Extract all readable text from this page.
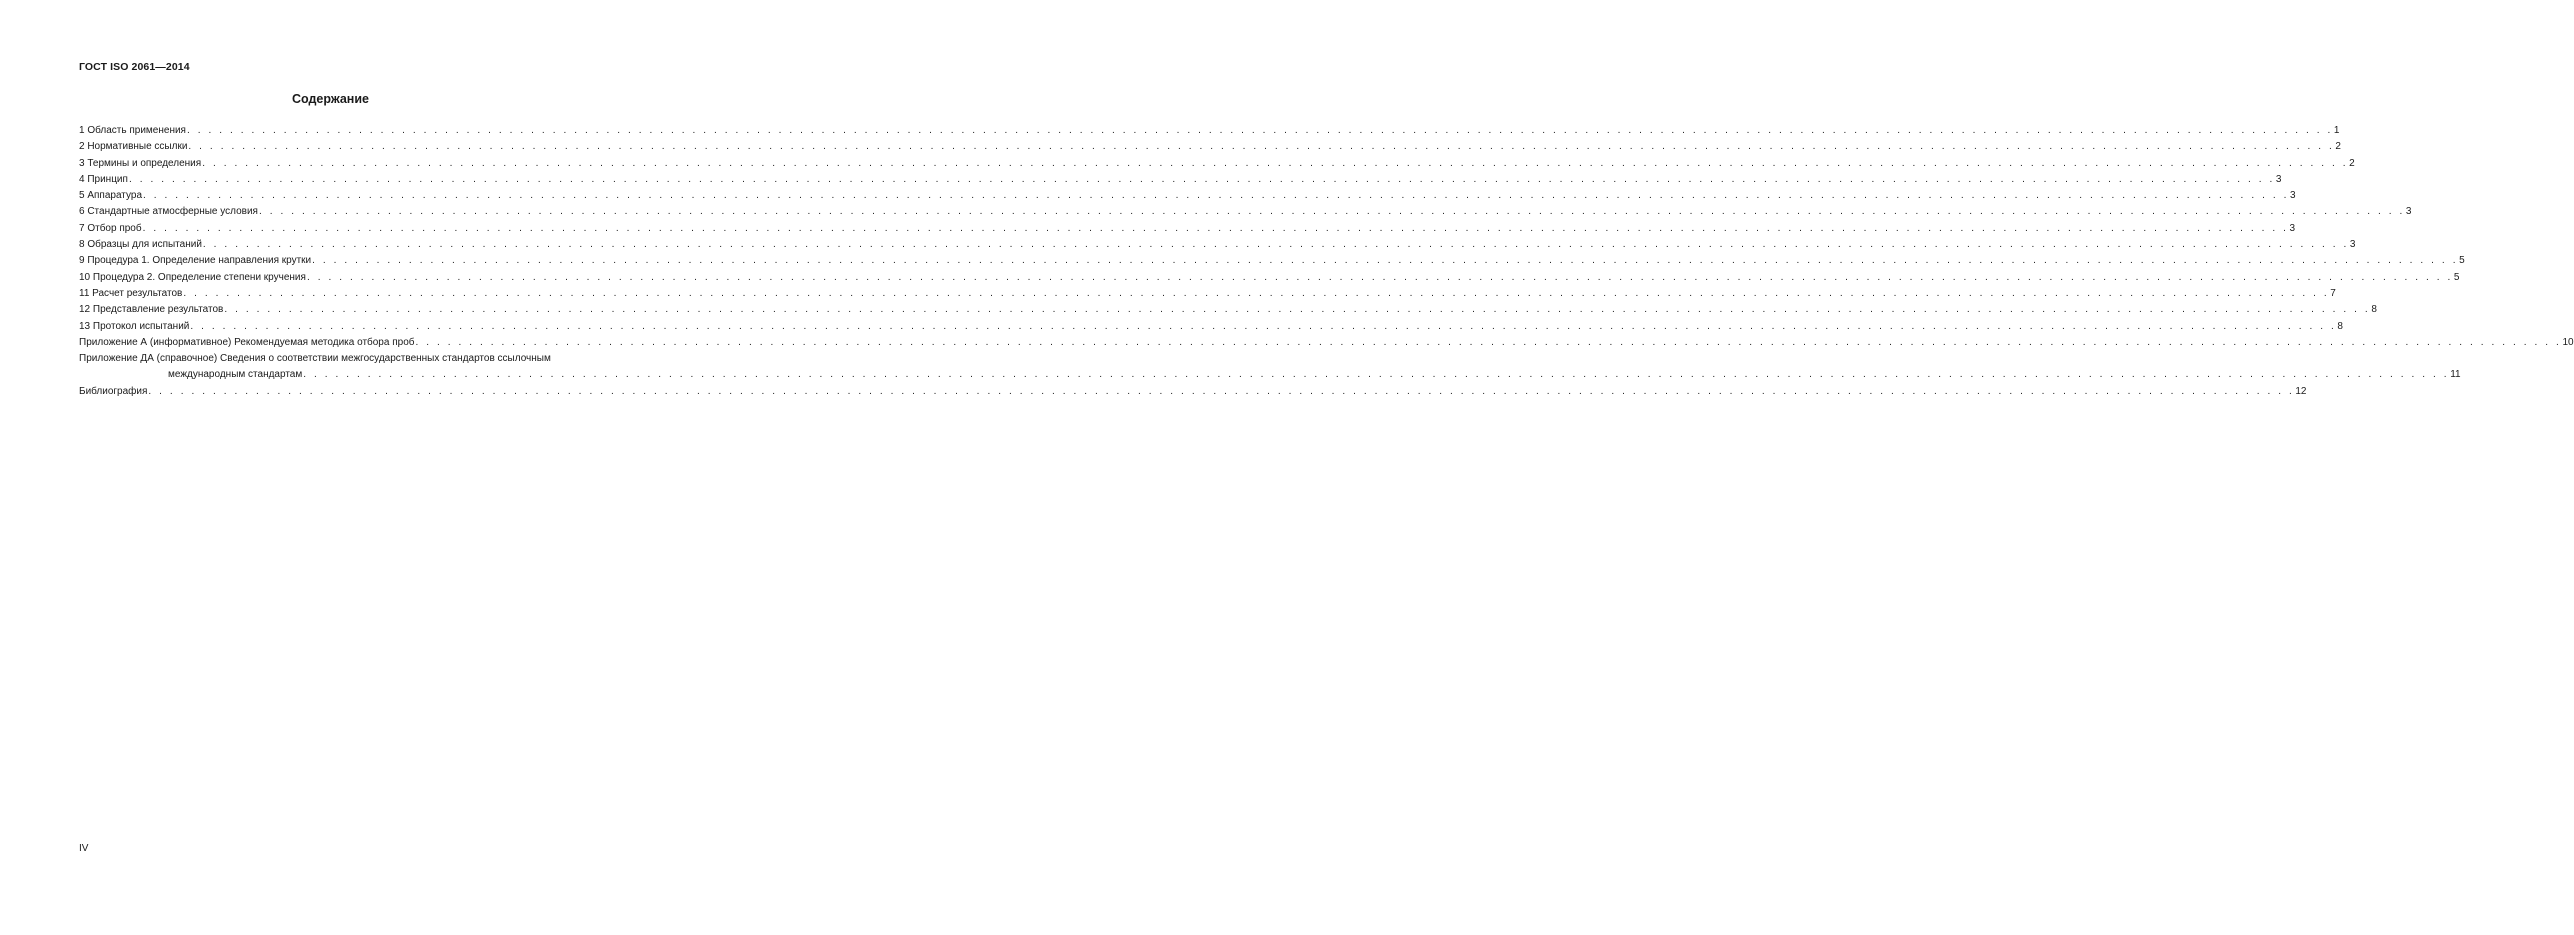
ГОСТ ISO 2061—2014
Содержание
1 Область применения . . . . . . . . . . . . . . . . . . . . . . . . . . . . . . . . . . . . . . . . . . . . . . . . . . . . . . . . . . . . . . . . . . . . . . . . . . . . . . . . . . . . . . . . . . . . . . . . . . . . . . . . . . . . . . . . . . . . . . . . . . . . . . . . . . . . . . . . . . . . . . . . . . . . . . . . . . . . . . . . . . . . . . . . . . . . . . . . . . . . . . . . . . . . . . . . . . . . . . . . 1
2 Нормативные ссылки . . . . . . . . . . . . . . . . . . . . . . . . . . . . . . . . . . . . . . . . . . . . . . . . . . . . . . . . . . . . . . . . . . . . . . . . . . . . . . . . . . . . . . . . . . . . . . . . . . . . . . . . . . . . . . . . . . . . . . . . . . . . . . . . . . . . . . . . . . . . . . . . . . . . . . . . . . . . . . . . . . . . . . . . . . . . . . . . . . . . . . . . . . . . . . . . . . . . . . . . 2
3 Термины и определения . . . . . . . . . . . . . . . . . . . . . . . . . . . . . . . . . . . . . . . . . . . . . . . . . . . . . . . . . . . . . . . . . . . . . . . . . . . . . . . . . . . . . . . . . . . . . . . . . . . . . . . . . . . . . . . . . . . . . . . . . . . . . . . . . . . . . . . . . . . . . . . . . . . . . . . . . . . . . . . . . . . . . . . . . . . . . . . . . . . . . . . . . . . . . . . . . . . . . . . . 2
4 Принцип . . . . . . . . . . . . . . . . . . . . . . . . . . . . . . . . . . . . . . . . . . . . . . . . . . . . . . . . . . . . . . . . . . . . . . . . . . . . . . . . . . . . . . . . . . . . . . . . . . . . . . . . . . . . . . . . . . . . . . . . . . . . . . . . . . . . . . . . . . . . . . . . . . . . . . . . . . . . . . . . . . . . . . . . . . . . . . . . . . . . . . . . . . . . . . . . . . . . . . . . 3
5 Аппаратура . . . . . . . . . . . . . . . . . . . . . . . . . . . . . . . . . . . . . . . . . . . . . . . . . . . . . . . . . . . . . . . . . . . . . . . . . . . . . . . . . . . . . . . . . . . . . . . . . . . . . . . . . . . . . . . . . . . . . . . . . . . . . . . . . . . . . . . . . . . . . . . . . . . . . . . . . . . . . . . . . . . . . . . . . . . . . . . . . . . . . . . . . . . . . . . . . . . . . . . . 3
6 Стандартные атмосферные условия . . . . . . . . . . . . . . . . . . . . . . . . . . . . . . . . . . . . . . . . . . . . . . . . . . . . . . . . . . . . . . . . . . . . . . . . . . . . . . . . . . . . . . . . . . . . . . . . . . . . . . . . . . . . . . . . . . . . . . . . . . . . . . . . . . . . . . . . . . . . . . . . . . . . . . . . . . . . . . . . . . . . . . . . . . . . . . . . . . . . . . . . . . . . . . . . . . . . . . . . 3
7 Отбор проб . . . . . . . . . . . . . . . . . . . . . . . . . . . . . . . . . . . . . . . . . . . . . . . . . . . . . . . . . . . . . . . . . . . . . . . . . . . . . . . . . . . . . . . . . . . . . . . . . . . . . . . . . . . . . . . . . . . . . . . . . . . . . . . . . . . . . . . . . . . . . . . . . . . . . . . . . . . . . . . . . . . . . . . . . . . . . . . . . . . . . . . . . . . . . . . . . . . . . . . . 3
8 Образцы для испытаний . . . . . . . . . . . . . . . . . . . . . . . . . . . . . . . . . . . . . . . . . . . . . . . . . . . . . . . . . . . . . . . . . . . . . . . . . . . . . . . . . . . . . . . . . . . . . . . . . . . . . . . . . . . . . . . . . . . . . . . . . . . . . . . . . . . . . . . . . . . . . . . . . . . . . . . . . . . . . . . . . . . . . . . . . . . . . . . . . . . . . . . . . . . . . . . . . . . . . . . . 3
9 Процедура 1. Определение направления крутки . . . . . . . . . . . . . . . . . . . . . . . . . . . . . . . . . . . . . . . . . . . . . . . . . . . . . . . . . . . . . . . . . . . . . . . . . . . . . . . . . . . . . . . . . . . . . . . . . . . . . . . . . . . . . . . . . . . . . . . . . . . . . . . . . . . . . . . . . . . . . . . . . . . . . . . . . . . . . . . . . . . . . . . . . . . . . . . . . . . . . . . . . . . . . . . . . . . . . . . . 5
10 Процедура 2. Определение степени кручения . . . . . . . . . . . . . . . . . . . . . . . . . . . . . . . . . . . . . . . . . . . . . . . . . . . . . . . . . . . . . . . . . . . . . . . . . . . . . . . . . . . . . . . . . . . . . . . . . . . . . . . . . . . . . . . . . . . . . . . . . . . . . . . . . . . . . . . . . . . . . . . . . . . . . . . . . . . . . . . . . . . . . . . . . . . . . . . . . . . . . . . . . . . . . . . . . . . . . . . . 5
11 Расчет результатов . . . . . . . . . . . . . . . . . . . . . . . . . . . . . . . . . . . . . . . . . . . . . . . . . . . . . . . . . . . . . . . . . . . . . . . . . . . . . . . . . . . . . . . . . . . . . . . . . . . . . . . . . . . . . . . . . . . . . . . . . . . . . . . . . . . . . . . . . . . . . . . . . . . . . . . . . . . . . . . . . . . . . . . . . . . . . . . . . . . . . . . . . . . . . . . . . . . . . . . . 7
12 Представление результатов . . . . . . . . . . . . . . . . . . . . . . . . . . . . . . . . . . . . . . . . . . . . . . . . . . . . . . . . . . . . . . . . . . . . . . . . . . . . . . . . . . . . . . . . . . . . . . . . . . . . . . . . . . . . . . . . . . . . . . . . . . . . . . . . . . . . . . . . . . . . . . . . . . . . . . . . . . . . . . . . . . . . . . . . . . . . . . . . . . . . . . . . . . . . . . . . . . . . . . . . 8
13 Протокол испытаний . . . . . . . . . . . . . . . . . . . . . . . . . . . . . . . . . . . . . . . . . . . . . . . . . . . . . . . . . . . . . . . . . . . . . . . . . . . . . . . . . . . . . . . . . . . . . . . . . . . . . . . . . . . . . . . . . . . . . . . . . . . . . . . . . . . . . . . . . . . . . . . . . . . . . . . . . . . . . . . . . . . . . . . . . . . . . . . . . . . . . . . . . . . . . . . . . . . . . . . . 8
Приложение А (информативное) Рекомендуемая методика отбора проб . . . . . . . . . . . . . . . . . . . . . . . . . . . . . . . . . . . . . . . . . . . . . . . . . . . . . . . . . . . . . . . . . . . . . . . . . . . . . . . . . . . . . . . . . . . . . . . . . . . . . . . . . . . . . . . . . . . . . . . . . . . . . . . . . . . . . . . . . . . . . . . . . . . . . . . . . . . . . . . . . . . . . . . . . . . . . . . . . . . . . . . . . . . . . . . . . . . . . . . . 10
Приложение ДА (справочное) Сведения о соответствии межгосударственных стандартов ссылочным
международным стандартам . . . . . . . . . . . . . . . . . . . . . . . . . . . . . . . . . . . . . . . . . . . . . . . . . . . . . . . . . . . . . . . . . . . . . . . . . . . . . . . . . . . . . . . . . . . . . . . . . . . . . . . . . . . . . . . . . . . . . . . . . . . . . . . . . . . . . . . . . . . . . . . . . . . . . . . . . . . . . . . . . . . . . . . . . . . . . . . . . . . . . . . . . . . . . . . . . . . . . . . . 11
Библиография . . . . . . . . . . . . . . . . . . . . . . . . . . . . . . . . . . . . . . . . . . . . . . . . . . . . . . . . . . . . . . . . . . . . . . . . . . . . . . . . . . . . . . . . . . . . . . . . . . . . . . . . . . . . . . . . . . . . . . . . . . . . . . . . . . . . . . . . . . . . . . . . . . . . . . . . . . . . . . . . . . . . . . . . . . . . . . . . . . . . . . . . . . . . . . . . . . . . . . . . 12
IV
